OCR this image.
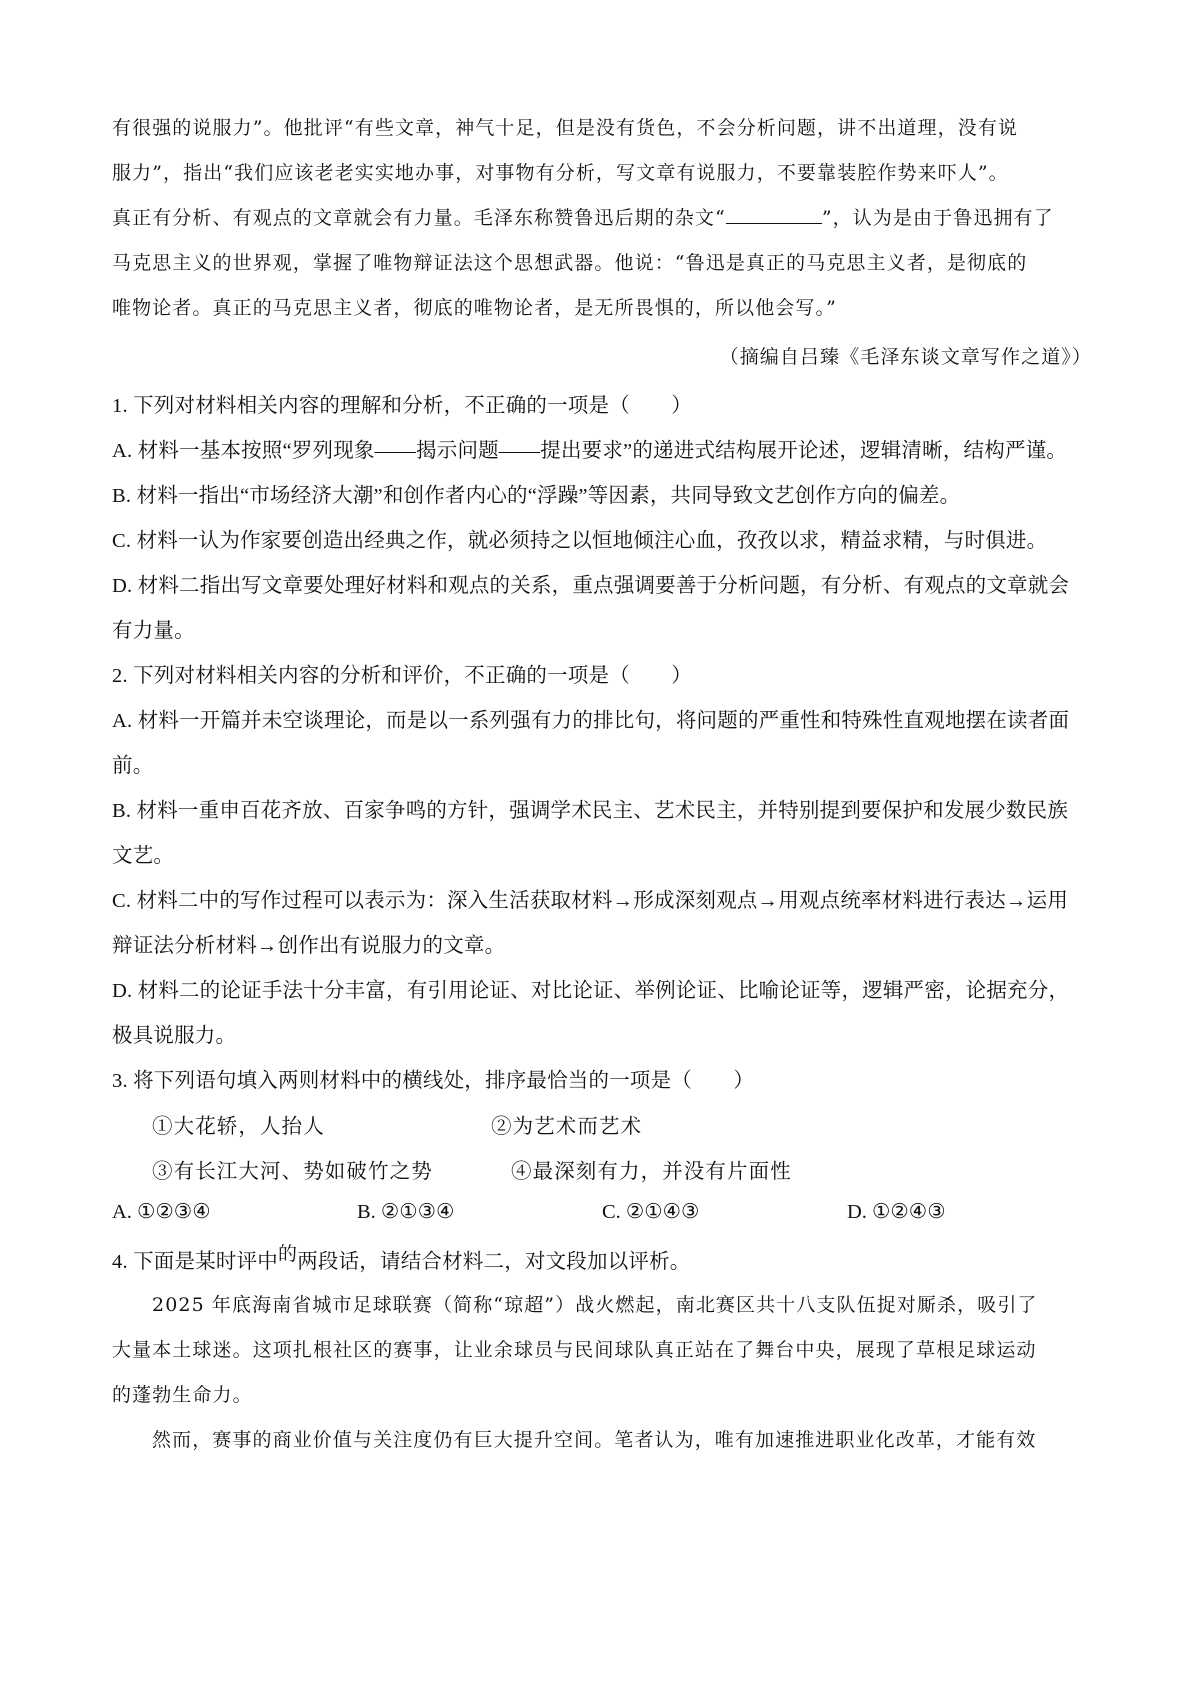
有很强的说服力”。他批评“有些文章，神气十足，但是没有货色，不会分析问题，讲不出道理，没有说
服力”，指出“我们应该老老实实地办事，对事物有分析，写文章有说服力，不要靠装腔作势来吓人”。
真正有分析、有观点的文章就会有力量。毛泽东称赞鲁迅后期的杂文“	”，认为是由于鲁迅拥有了
马克思主义的世界观，掌握了唯物辩证法这个思想武器。他说：“鲁迅是真正的马克思主义者，是彻底的
唯物论者。真正的马克思主义者，彻底的唯物论者，是无所畏惧的，所以他会写。”
（摘编自吕臻《毛泽东谈文章写作之道》）
1. 下列对材料相关内容的理解和分析，不正确的一项是（　　）
A. 材料一基本按照“罗列现象——揭示问题——提出要求”的递进式结构展开论述，逻辑清晰，结构严谨。
B. 材料一指出“市场经济大潮”和创作者内心的“浮躁”等因素，共同导致文艺创作方向的偏差。
C. 材料一认为作家要创造出经典之作，就必须持之以恒地倾注心血，孜孜以求，精益求精，与时俱进。
D. 材料二指出写文章要处理好材料和观点的关系，重点强调要善于分析问题，有分析、有观点的文章就会
有力量。
2. 下列对材料相关内容的分析和评价，不正确的一项是（　　）
A. 材料一开篇并未空谈理论，而是以一系列强有力的排比句，将问题的严重性和特殊性直观地摆在读者面
前。
B. 材料一重申百花齐放、百家争鸣的方针，强调学术民主、艺术民主，并特别提到要保护和发展少数民族
文艺。
C. 材料二中的写作过程可以表示为：深入生活获取材料→形成深刻观点→用观点统率材料进行表达→运用
辩证法分析材料→创作出有说服力的文章。
D. 材料二的论证手法十分丰富，有引用论证、对比论证、举例论证、比喻论证等，逻辑严密，论据充分，
极具说服力。
3. 将下列语句填入两则材料中的横线处，排序最恰当的一项是（　　）
①大花轿，人抬人	②为艺术而艺术
③有长江大河、势如破竹之势	④最深刻有力，并没有片面性
A. ①②③④	B. ②①③④	C. ②①④③	D. ①②④③
4. 下面是某时评中的两段话，请结合材料二，对文段加以评析。
2025 年底海南省城市足球联赛（简称“琼超”）战火燃起，南北赛区共十八支队伍捉对厮杀，吸引了
大量本土球迷。这项扎根社区的赛事，让业余球员与民间球队真正站在了舞台中央，展现了草根足球运动
的蓬勃生命力。
然而，赛事的商业价值与关注度仍有巨大提升空间。笔者认为，唯有加速推进职业化改革，才能有效
